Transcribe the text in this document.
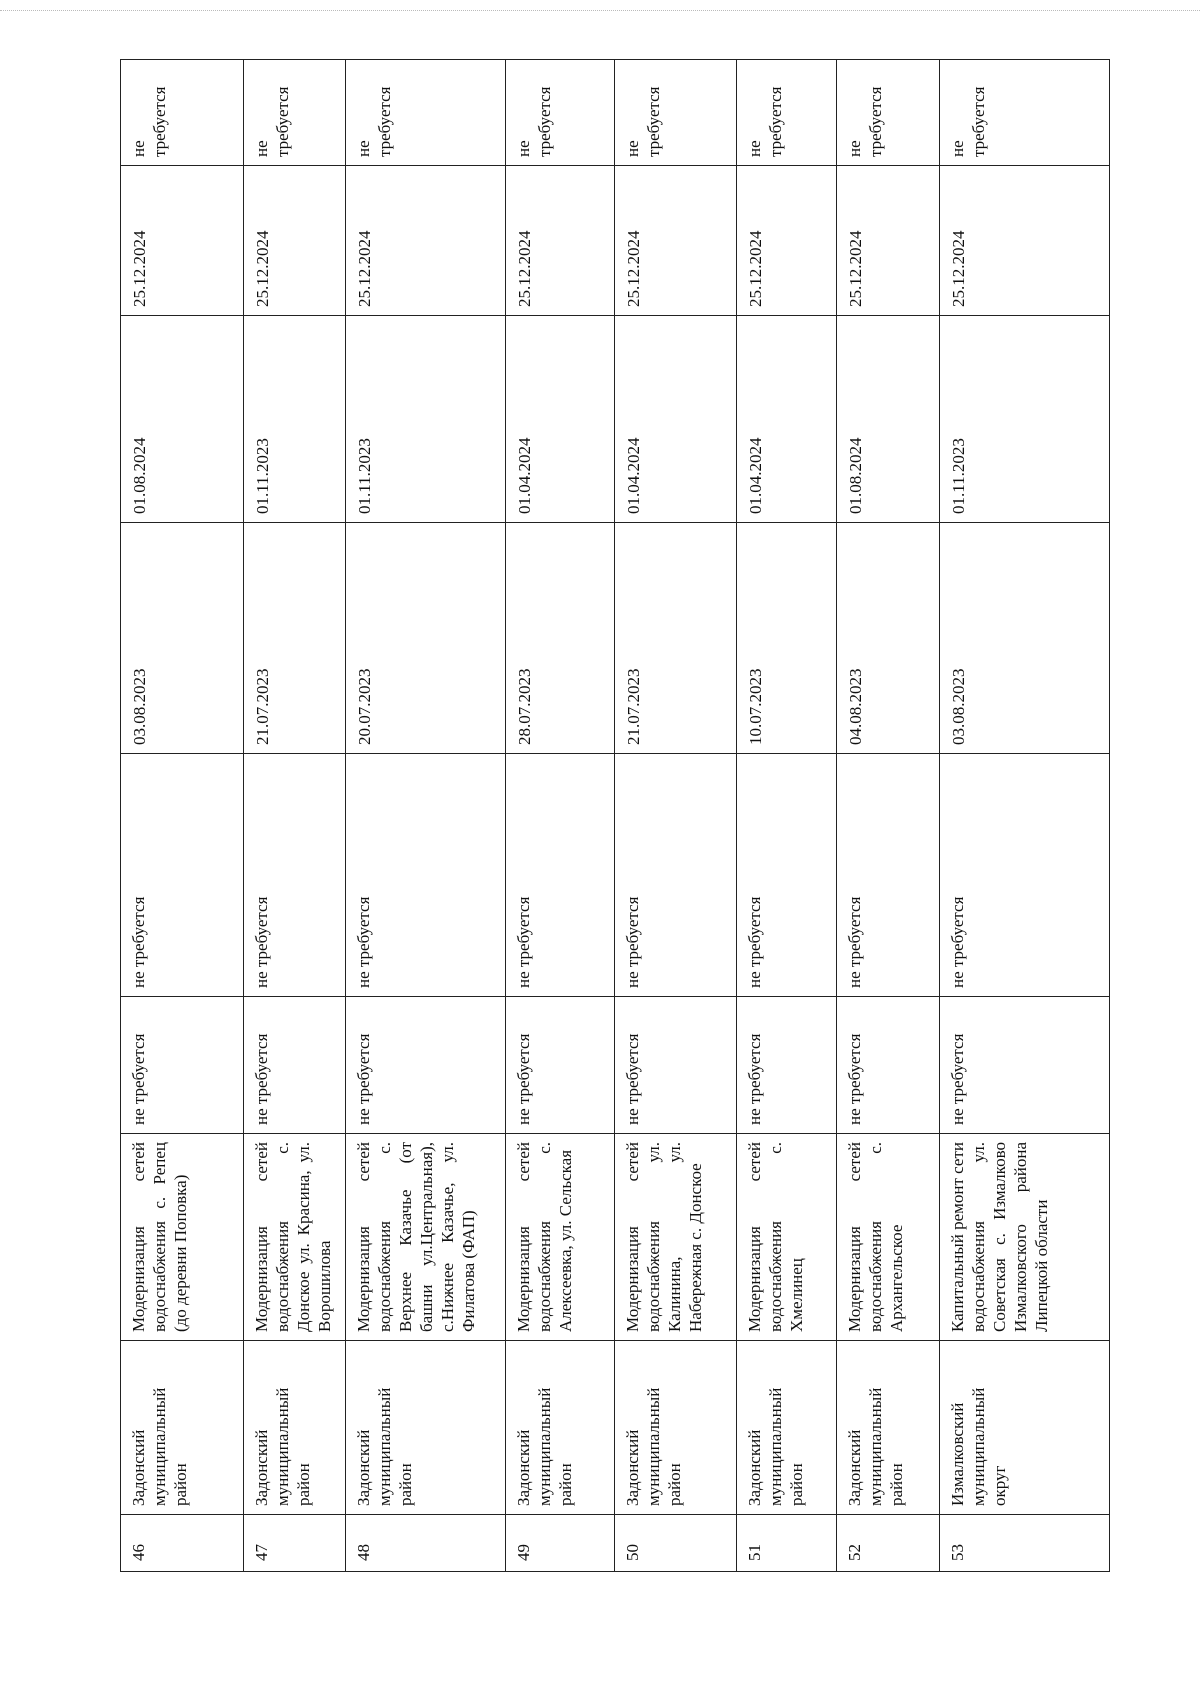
46	Задонский муниципальный район	Модернизация сетей водоснабжения с. Репец (до деревни Поповка)	не требуется	не требуется	03.08.2023	01.08.2024	25.12.2024	не требуется
47	Задонский муниципальный район	Модернизация сетей водоснабжения с. Донское ул. Красина, ул. Ворошилова	не требуется	не требуется	21.07.2023	01.11.2023	25.12.2024	не требуется
48	Задонский муниципальный район	Модернизация сетей водоснабжения с. Верхнее Казачье (от башни ул.Центральная), с.Нижнее Казачье, ул. Филатова (ФАП)	не требуется	не требуется	20.07.2023	01.11.2023	25.12.2024	не требуется
49	Задонский муниципальный район	Модернизация сетей водоснабжения с. Алексеевка, ул. Сельская	не требуется	не требуется	28.07.2023	01.04.2024	25.12.2024	не требуется
50	Задонский муниципальный район	Модернизация сетей водоснабжения ул. Калинина, ул. Набережная с. Донское	не требуется	не требуется	21.07.2023	01.04.2024	25.12.2024	не требуется
51	Задонский муниципальный район	Модернизация сетей водоснабжения с. Хмелинец	не требуется	не требуется	10.07.2023	01.04.2024	25.12.2024	не требуется
52	Задонский муниципальный район	Модернизация сетей водоснабжения с. Архангельское	не требуется	не требуется	04.08.2023	01.08.2024	25.12.2024	не требуется
53	Измалковский муниципальный округ	Капитальный ремонт сети водоснабжения ул. Советская с. Измалково Измалковского района Липецкой области	не требуется	не требуется	03.08.2023	01.11.2023	25.12.2024	не требуется
